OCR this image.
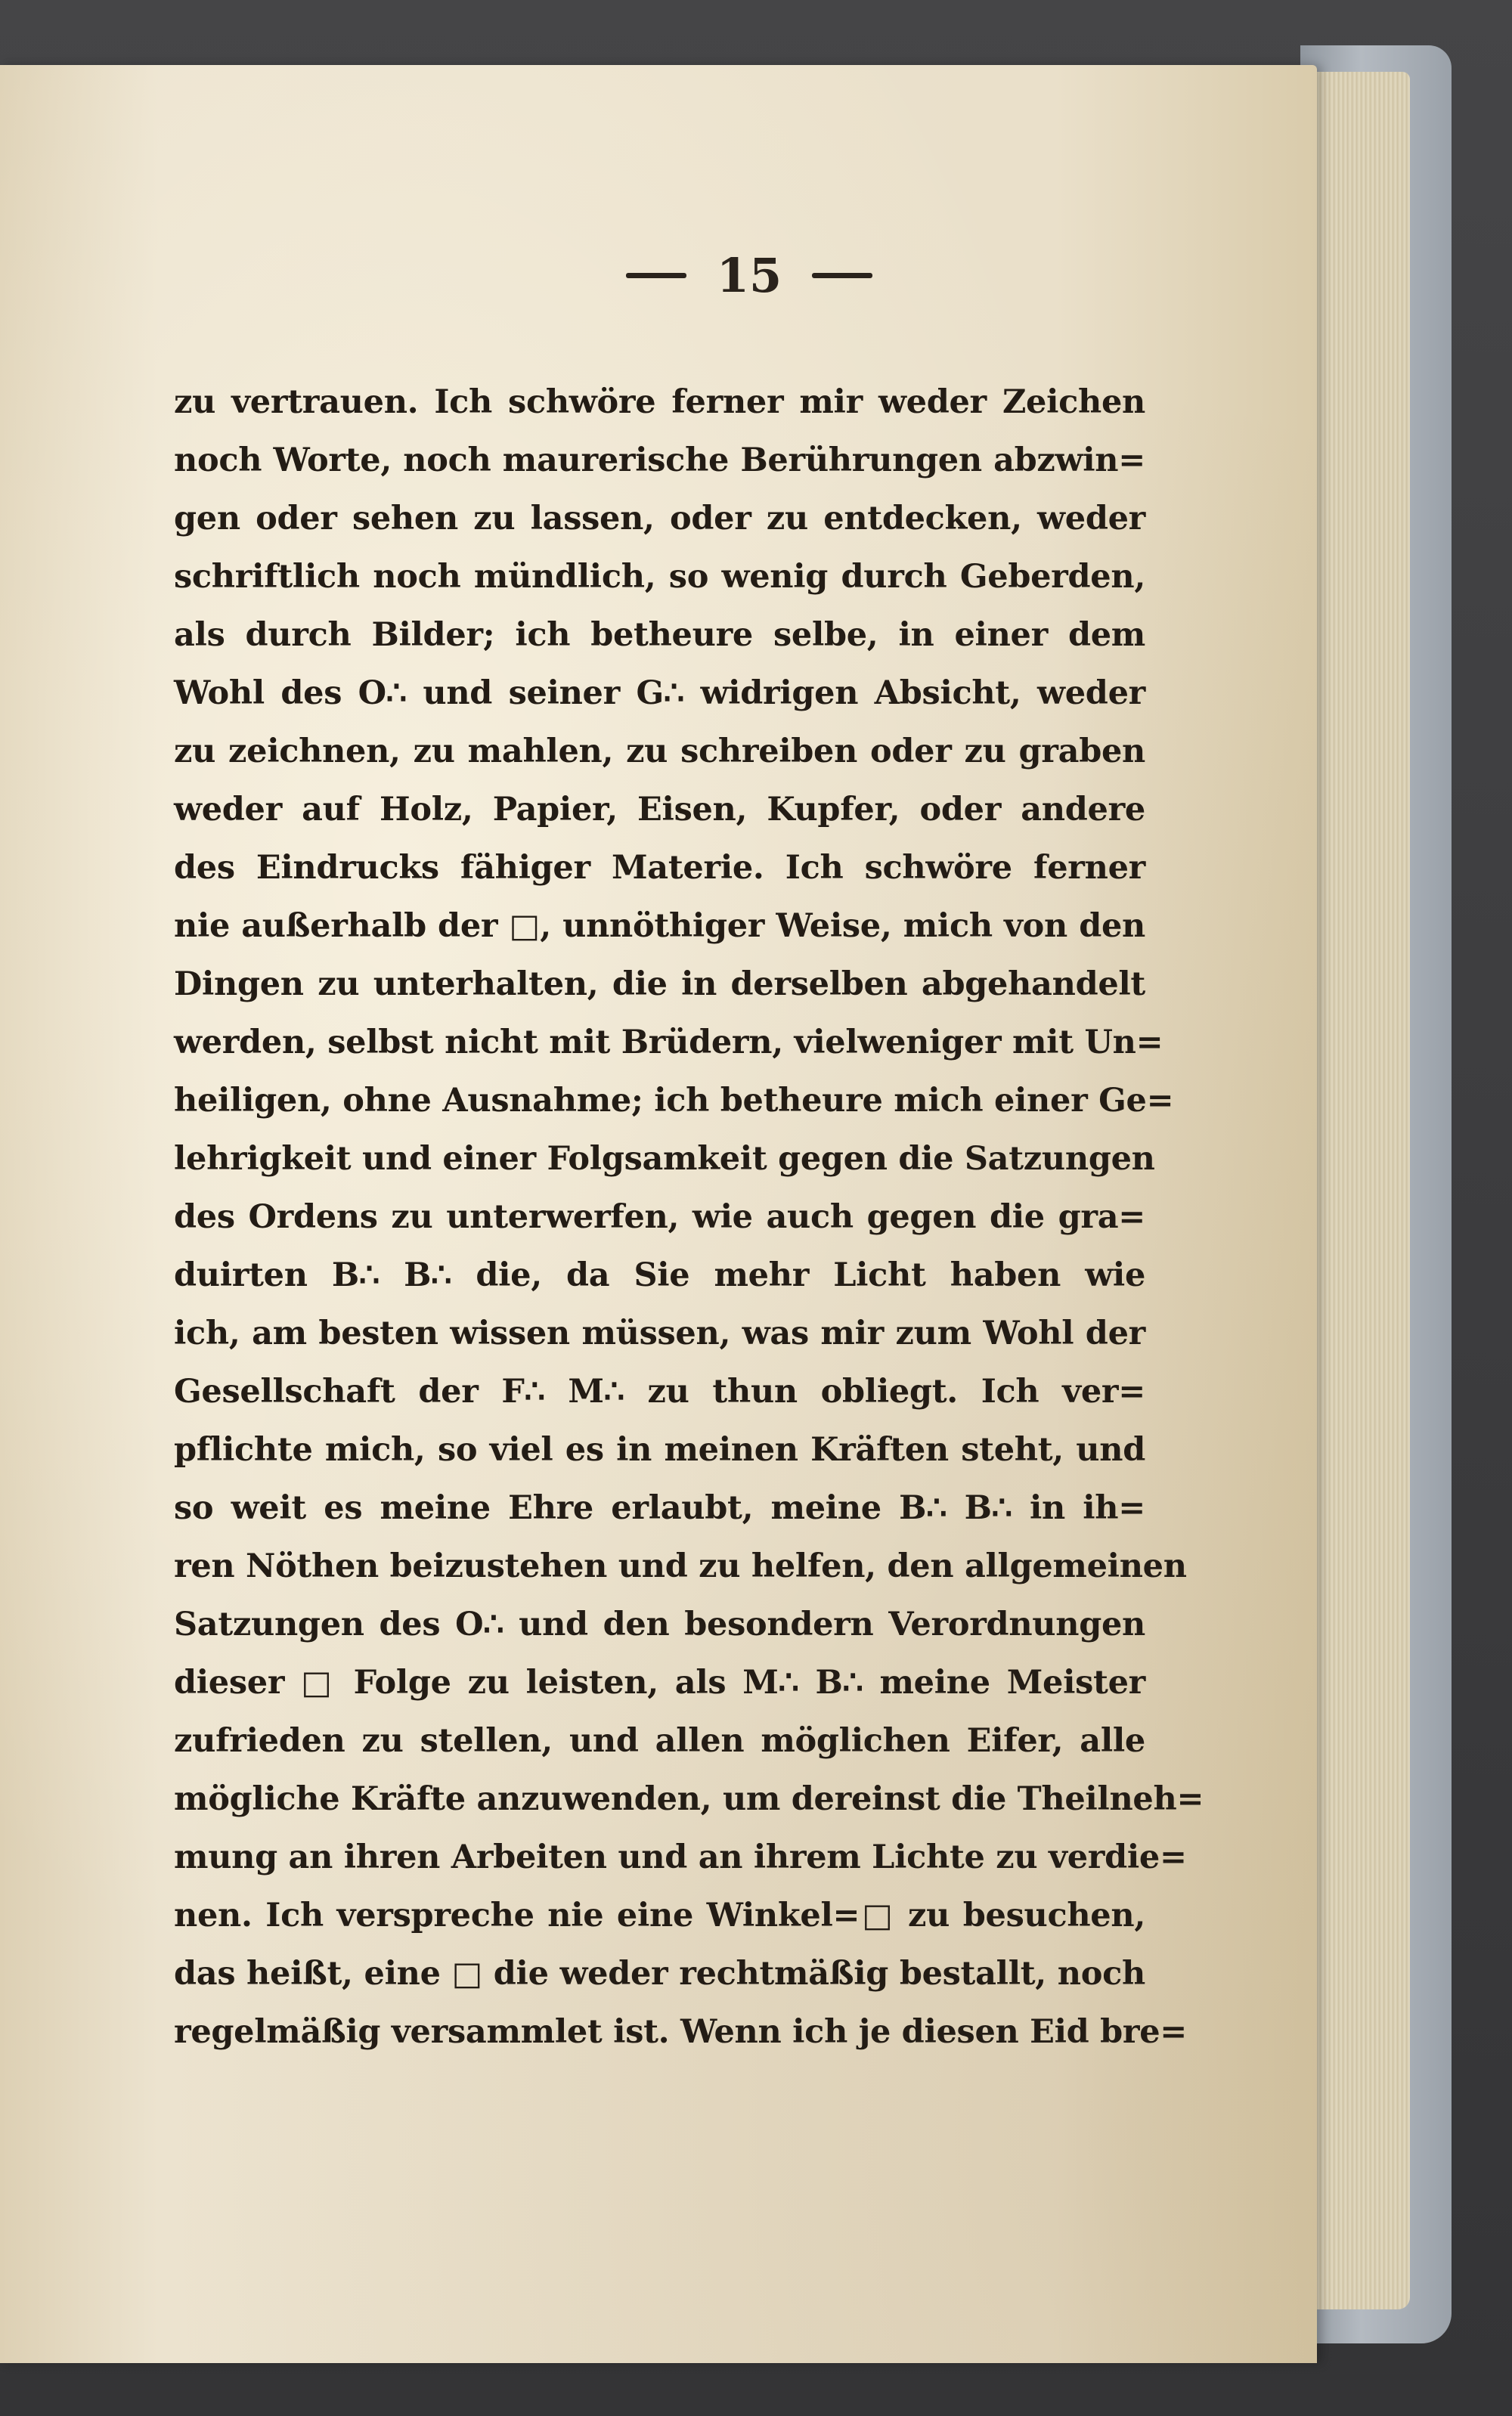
15
zu vertrauen. Ich schwöre ferner mir weder Zeichen
noch Worte, noch maurerische Berührungen abzwin=
gen oder sehen zu lassen, oder zu entdecken, weder
schriftlich noch mündlich, so wenig durch Geberden,
als durch Bilder; ich betheure selbe, in einer dem
Wohl des O∴ und seiner G∴ widrigen Absicht, weder
zu zeichnen, zu mahlen, zu schreiben oder zu graben
weder auf Holz, Papier, Eisen, Kupfer, oder andere
des Eindrucks fähiger Materie. Ich schwöre ferner
nie außerhalb der □, unnöthiger Weise, mich von den
Dingen zu unterhalten, die in derselben abgehandelt
werden, selbst nicht mit Brüdern, vielweniger mit Un=
heiligen, ohne Ausnahme; ich betheure mich einer Ge=
lehrigkeit und einer Folgsamkeit gegen die Satzungen
des Ordens zu unterwerfen, wie auch gegen die gra=
duirten B∴ B∴ die, da Sie mehr Licht haben wie
ich, am besten wissen müssen, was mir zum Wohl der
Gesellschaft der F∴ M∴ zu thun obliegt. Ich ver=
pflichte mich, so viel es in meinen Kräften steht, und
so weit es meine Ehre erlaubt, meine B∴ B∴ in ih=
ren Nöthen beizustehen und zu helfen, den allgemeinen
Satzungen des O∴ und den besondern Verordnungen
dieser □ Folge zu leisten, als M∴ B∴ meine Meister
zufrieden zu stellen, und allen möglichen Eifer, alle
mögliche Kräfte anzuwenden, um dereinst die Theilneh=
mung an ihren Arbeiten und an ihrem Lichte zu verdie=
nen. Ich verspreche nie eine Winkel=□ zu besuchen,
das heißt, eine □ die weder rechtmäßig bestallt, noch
regelmäßig versammlet ist. Wenn ich je diesen Eid bre=
